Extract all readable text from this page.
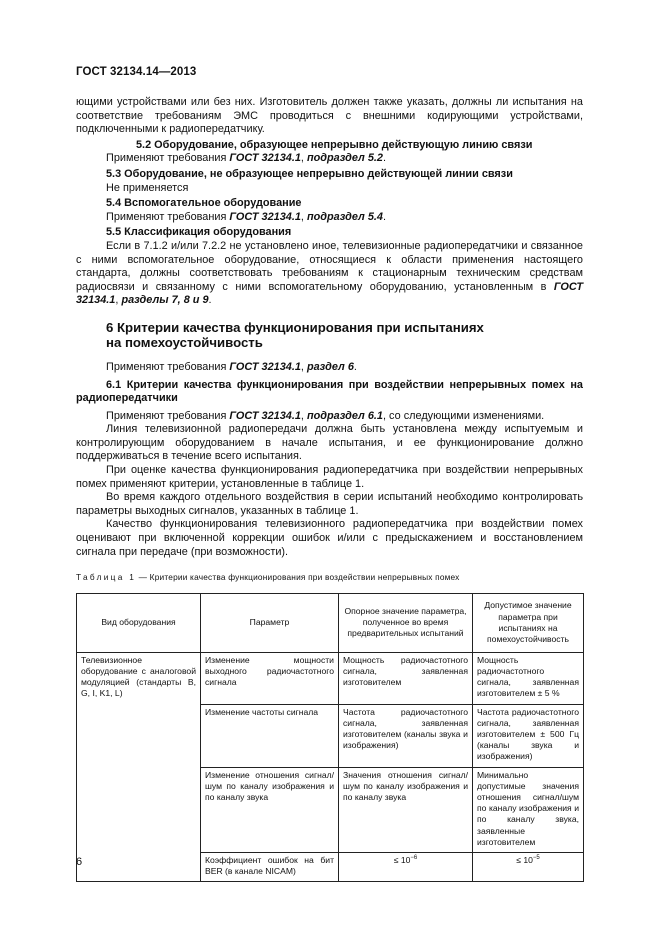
ГОСТ 32134.14—2013

ющими устройствами или без них. Изготовитель должен также указать, должны ли испытания на соответствие требованиям ЭМС проводиться с внешними кодирующими устройствами, подключенными к радиопередатчику.

5.2 Оборудование, образующее непрерывно действующую линию связи

Применяют требования ГОСТ 32134.1, подраздел 5.2.

5.3 Оборудование, не образующее непрерывно действующей линии связи

Не применяется

5.4 Вспомогательное оборудование

Применяют требования ГОСТ 32134.1, подраздел 5.4.

5.5 Классификация оборудования

Если в 7.1.2 и/или 7.2.2 не установлено иное, телевизионные радиопередатчики и связанное с ними вспомогательное оборудование, относящиеся к области применения настоящего стандарта, должны соответствовать требованиям к стационарным техническим средствам радиосвязи и связанному с ними вспомогательному оборудованию, установленным в ГОСТ 32134.1, разделы 7, 8 и 9.

6 Критерии качества функционирования при испытаниях
на помехоустойчивость

Применяют требования ГОСТ 32134.1, раздел 6.

6.1 Критерии качества функционирования при воздействии непрерывных помех на радиопередатчики

Применяют требования ГОСТ 32134.1, подраздел 6.1, со следующими изменениями.

Линия телевизионной радиопередачи должна быть установлена между испытуемым и контролирующим оборудованием в начале испытания, и ее функционирование должно поддерживаться в течение всего испытания.

При оценке качества функционирования радиопередатчика при воздействии непрерывных помех применяют критерии, установленные в таблице 1.

Во время каждого отдельного воздействия в серии испытаний необходимо контролировать параметры выходных сигналов, указанных в таблице 1.

Качество функционирования телевизионного радиопередатчика при воздействии помех оценивают при включенной коррекции ошибок и/или с предыскажением и восстановлением сигнала при передаче (при возможности).

Таблица 1 — Критерии качества функционирования при воздействии непрерывных помех
Вид оборудования	Параметр	Опорное значение параметра, полученное во время предварительных испытаний	Допустимое значение параметра при испытаниях на помехоустойчивость
Телевизионное оборудование с аналоговой модуляцией (стандарты B, G, I, K1, L)	Изменение мощности выходного радиочастотного сигнала	Мощность радиочастотного сигнала, заявленная изготовителем	Мощность радиочастотного сигнала, заявленная изготовителем ± 5 %
	Изменение частоты сигнала	Частота радиочастотного сигнала, заявленная изготовителем (каналы звука и изображения)	Частота радиочастотного сигнала, заявленная изготовителем ± 500 Гц (каналы звука и изображения)
	Изменение отношения сигнал/шум по каналу изображения и по каналу звука	Значения отношения сигнал/шум по каналу изображения и по каналу звука	Минимально допустимые значения отношения сигнал/шум по каналу изображения и по каналу звука, заявленные изготовителем
	Коэффициент ошибок на бит BER (в канале NICAM)	≤ $10^{-6}$	≤ $10^{-5}$
6
